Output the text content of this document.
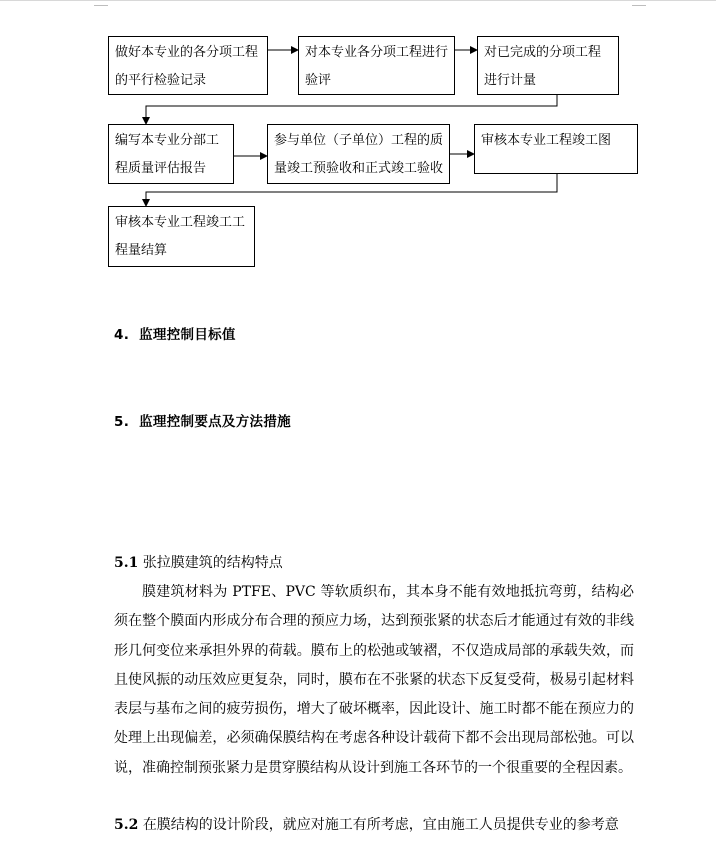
做好本专业的各分项工程的平行检验记录
对本专业各分项工程进行验评
对已完成的分项工程进行计量
编写本专业分部工程质量评估报告
参与单位（子单位）工程的质量竣工预验收和正式竣工验收
审核本专业工程竣工图
审核本专业工程竣工工程量结算
4. 监理控制目标值
5. 监理控制要点及方法措施
5.1 张拉膜建筑的结构特点
膜建筑材料为 PTFE、PVC 等软质织布，其本身不能有效地抵抗弯剪，结构必须在整个膜面内形成分布合理的预应力场，达到预张紧的状态后才能通过有效的非线形几何变位来承担外界的荷载。膜布上的松弛或皱褶，不仅造成局部的承载失效，而且使风振的动压效应更复杂，同时，膜布在不张紧的状态下反复受荷，极易引起材料表层与基布之间的疲劳损伤，增大了破坏概率，因此设计、施工时都不能在预应力的处理上出现偏差，必须确保膜结构在考虑各种设计载荷下都不会出现局部松弛。可以说，准确控制预张紧力是贯穿膜结构从设计到施工各环节的一个很重要的全程因素。
5.2 在膜结构的设计阶段，就应对施工有所考虑，宜由施工人员提供专业的参考意
